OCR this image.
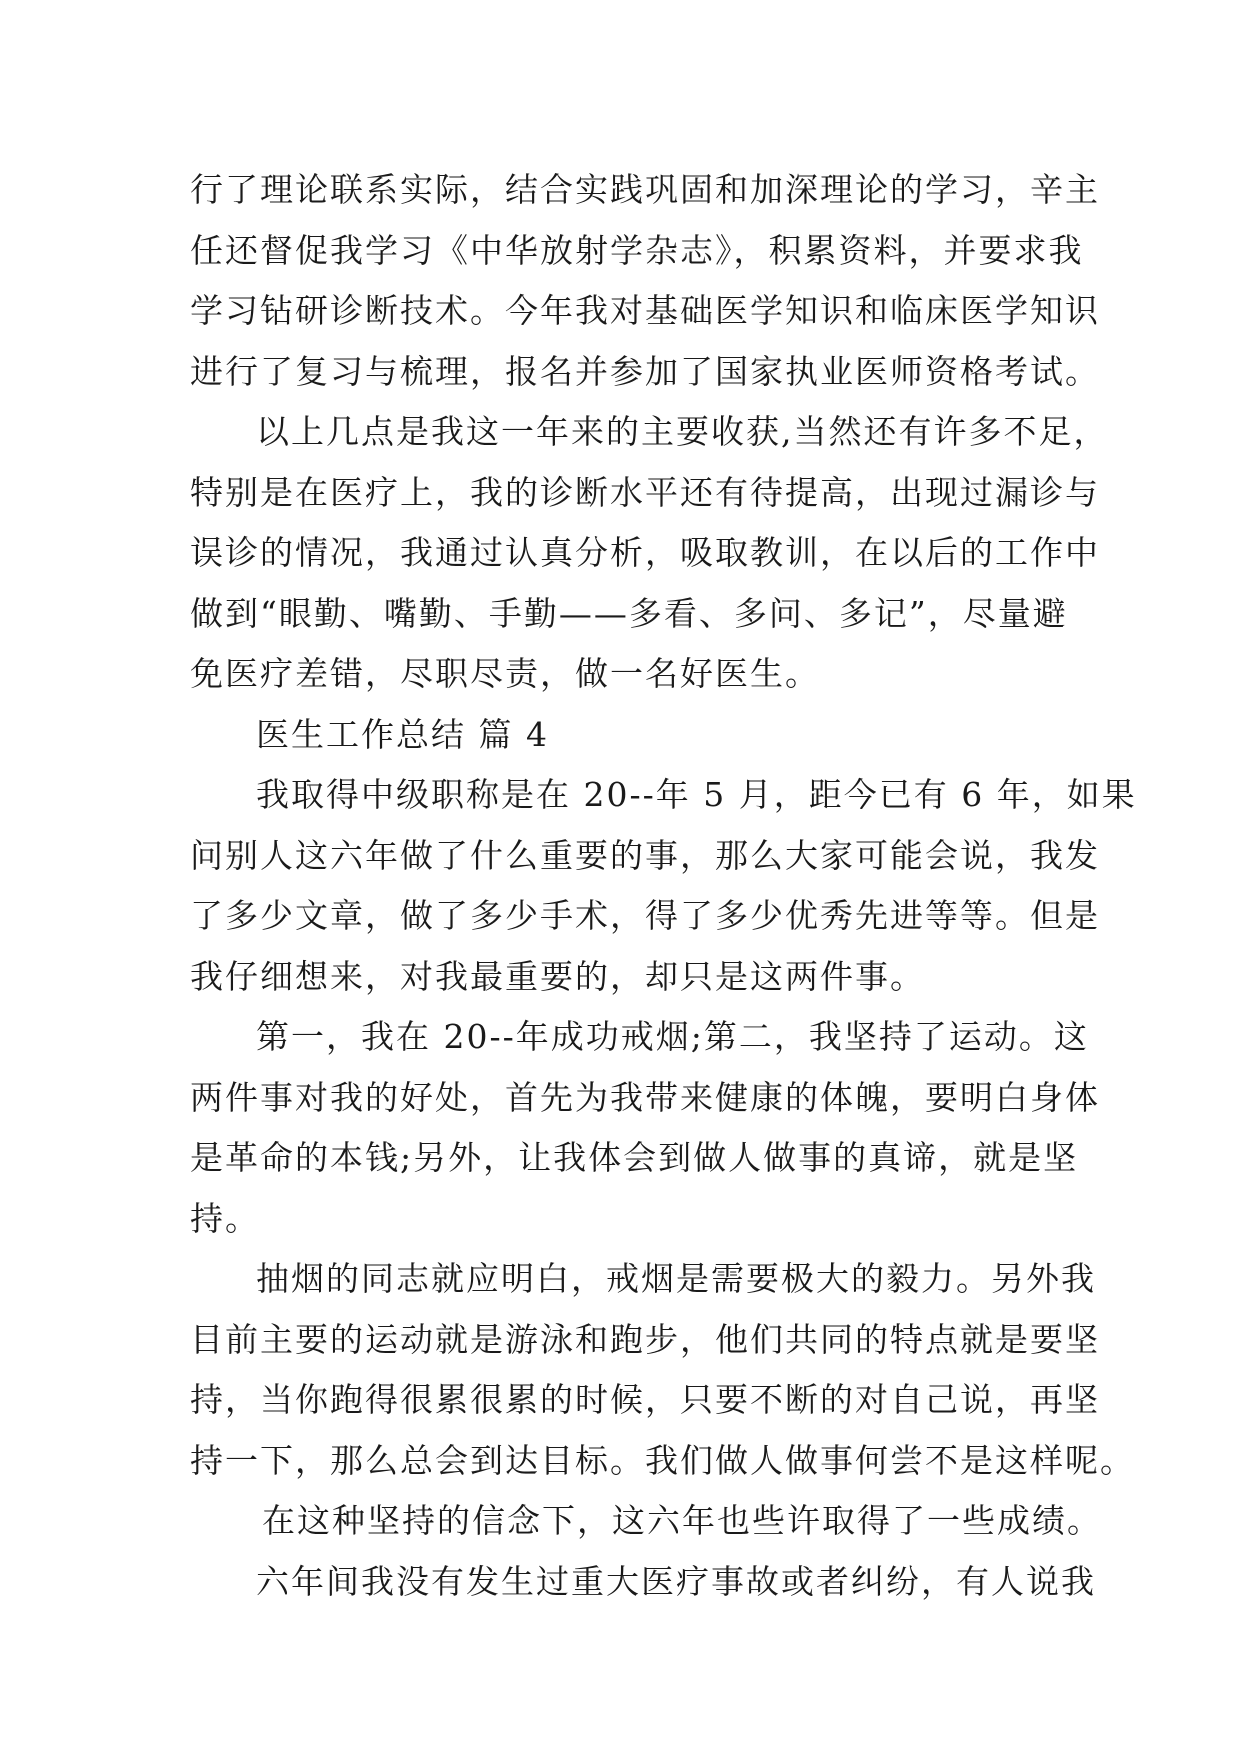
行了理论联系实际，结合实践巩固和加深理论的学习，辛主
任还督促我学习《中华放射学杂志》，积累资料，并要求我
学习钻研诊断技术。今年我对基础医学知识和临床医学知识
进行了复习与梳理，报名并参加了国家执业医师资格考试。
以上几点是我这一年来的主要收获,当然还有许多不足，
特别是在医疗上，我的诊断水平还有待提高，出现过漏诊与
误诊的情况，我通过认真分析，吸取教训，在以后的工作中
做到“眼勤、嘴勤、手勤——多看、多问、多记”，尽量避
免医疗差错，尽职尽责，做一名好医生。
医生工作总结 篇 4
我取得中级职称是在 20--年 5 月，距今已有 6 年，如果
问别人这六年做了什么重要的事，那么大家可能会说，我发
了多少文章，做了多少手术，得了多少优秀先进等等。但是
我仔细想来，对我最重要的，却只是这两件事。
第一，我在 20--年成功戒烟;第二，我坚持了运动。这
两件事对我的好处，首先为我带来健康的体魄，要明白身体
是革命的本钱;另外，让我体会到做人做事的真谛，就是坚
持。
抽烟的同志就应明白，戒烟是需要极大的毅力。另外我
目前主要的运动就是游泳和跑步，他们共同的特点就是要坚
持，当你跑得很累很累的时候，只要不断的对自己说，再坚
持一下，那么总会到达目标。我们做人做事何尝不是这样呢。
在这种坚持的信念下，这六年也些许取得了一些成绩。
六年间我没有发生过重大医疗事故或者纠纷，有人说我
